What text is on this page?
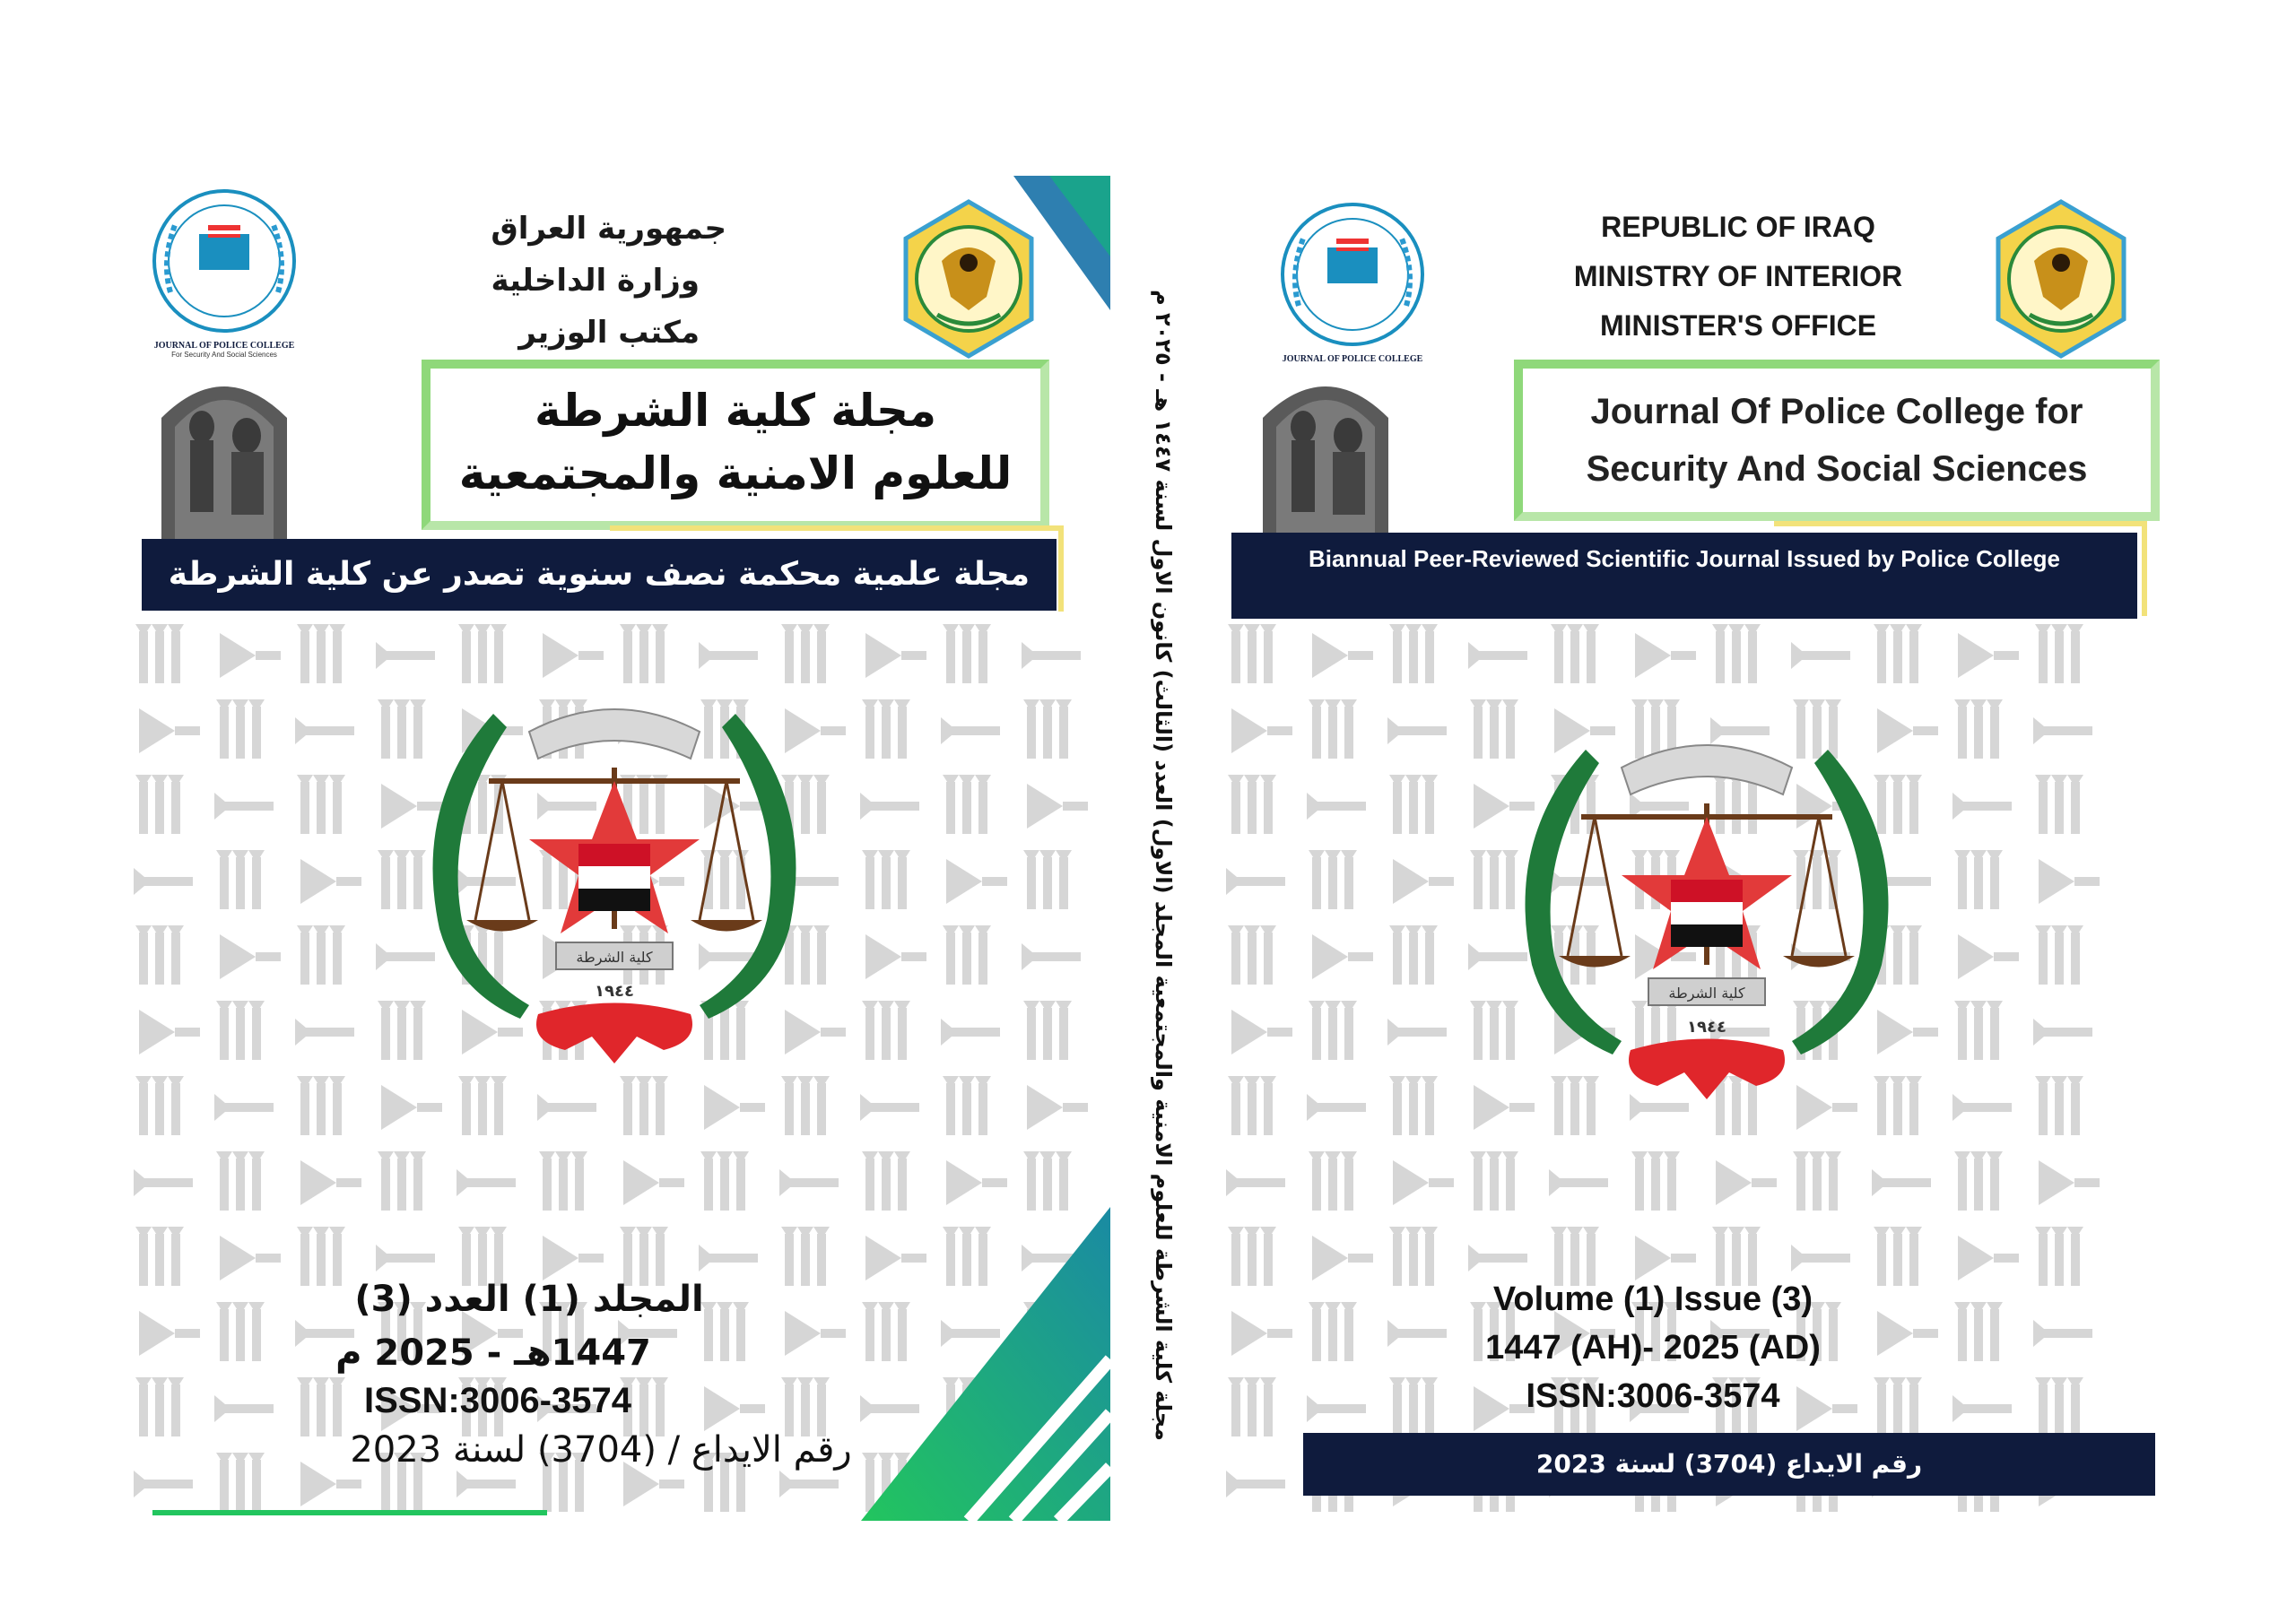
JOURNAL OF POLICE COLLEGE
For Security And Social Sciences
جمهورية العراق
وزارة الداخلية
مكتب الوزير
مجلة كلية الشرطة
للعلوم الامنية والمجتمعية
مجلة علمية محكمة نصف سنوية تصدر عن كلية الشرطة
كلية الشرطة
١٩٤٤
المجلد (1) العدد (3)
1447هـ - 2025 م
ISSN:3006-3574
رقم الايداع / (3704) لسنة 2023
مجلة كلية الشرطة للعلوم الامنية والمجتمعية المجلد (الاول) العدد (الثالث) كانون الاول لسنة ١٤٤٧ هـ - ٢٠٢٥ م
JOURNAL OF POLICE COLLEGE
REPUBLIC OF IRAQ
MINISTRY OF INTERIOR
MINISTER'S OFFICE
Journal Of Police College for
Security And Social Sciences
Biannual Peer-Reviewed Scientific Journal Issued by Police College
كلية الشرطة
١٩٤٤
Volume (1) Issue (3)
1447 (AH)- 2025 (AD)
ISSN:3006-3574
رقم الايداع (3704) لسنة 2023
